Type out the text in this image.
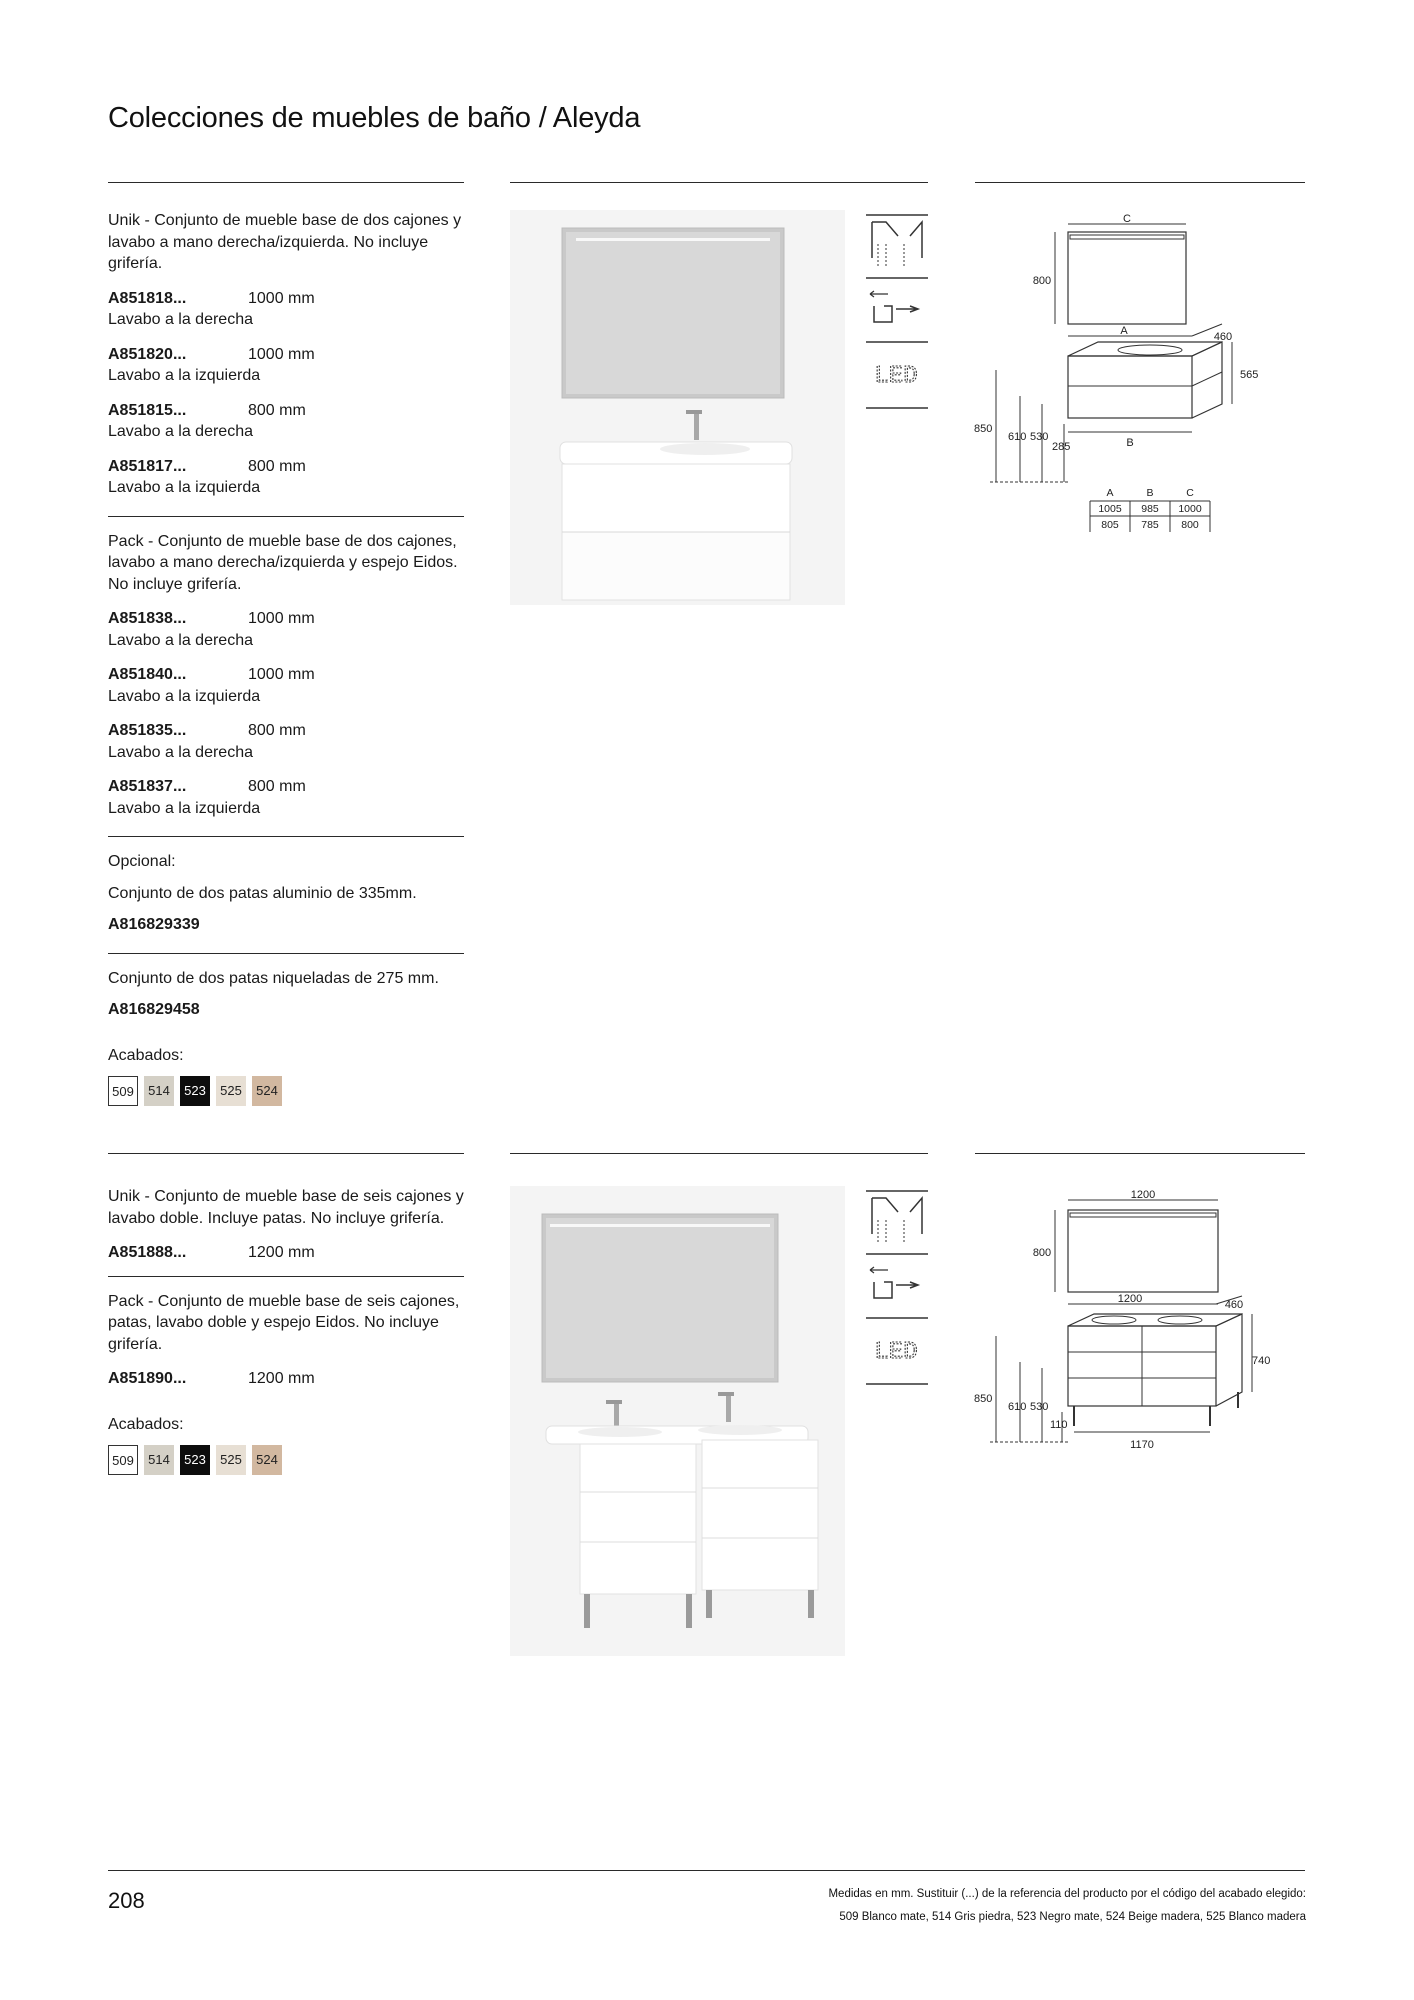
Colecciones de muebles de baño / Aleyda
Unik - Conjunto de mueble base de dos cajones y lavabo a mano derecha/izquierda. No incluye grifería.
A851818...	1000 mm
Lavabo a la derecha
A851820...	1000 mm
Lavabo a la izquierda
A851815...	800 mm
Lavabo a la derecha
A851817...	800 mm
Lavabo a la izquierda
Pack - Conjunto de mueble base de dos cajones, lavabo a mano derecha/izquierda y espejo Eidos. No incluye grifería.
A851838...	1000 mm
Lavabo a la derecha
A851840...	1000 mm
Lavabo a la izquierda
A851835...	800 mm
Lavabo a la derecha
A851837...	800 mm
Lavabo a la izquierda
Opcional:
Conjunto de dos patas aluminio de 335mm.
A816829339
Conjunto de dos patas niqueladas de 275 mm.
A816829458
Acabados:
509	514	523	525	524
LED
C
800
A
B
460
565
850
610 530
285
A	B	C
1005 985 1000
805 785 800
Unik - Conjunto de mueble base de seis cajones y lavabo doble. Incluye patas. No incluye grifería.
A851888...	1200 mm
Pack - Conjunto de mueble base de seis cajones, patas, lavabo doble y espejo Eidos. No incluye grifería.
A851890...	1200 mm
Acabados:
509	514	523	525	524
LED
1200
800
1200	460
740
850
610 530
110
1170
208	Medidas en mm. Sustituir (...) de la referencia del producto por el código del acabado elegido:
509 Blanco mate, 514 Gris piedra, 523 Negro mate, 524 Beige madera, 525 Blanco madera
